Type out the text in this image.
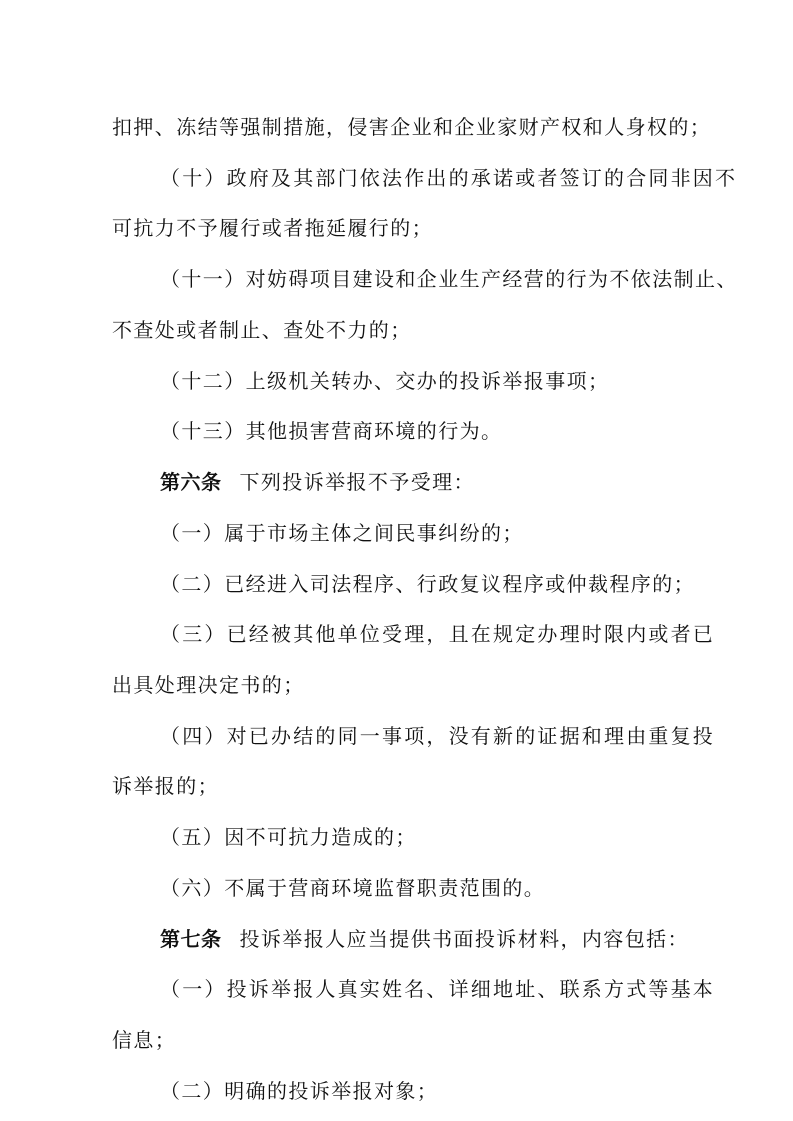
扣押、冻结等强制措施，侵害企业和企业家财产权和人身权的；
（十）政府及其部门依法作出的承诺或者签订的合同非因不
可抗力不予履行或者拖延履行的；
（十一）对妨碍项目建设和企业生产经营的行为不依法制止、
不查处或者制止、查处不力的；
（十二）上级机关转办、交办的投诉举报事项；
（十三）其他损害营商环境的行为。
第六条 下列投诉举报不予受理：
（一）属于市场主体之间民事纠纷的；
（二）已经进入司法程序、行政复议程序或仲裁程序的；
（三）已经被其他单位受理，且在规定办理时限内或者已
出具处理决定书的；
（四）对已办结的同一事项，没有新的证据和理由重复投
诉举报的；
（五）因不可抗力造成的；
（六）不属于营商环境监督职责范围的。
第七条 投诉举报人应当提供书面投诉材料，内容包括：
（一）投诉举报人真实姓名、详细地址、联系方式等基本
信息；
（二）明确的投诉举报对象；
